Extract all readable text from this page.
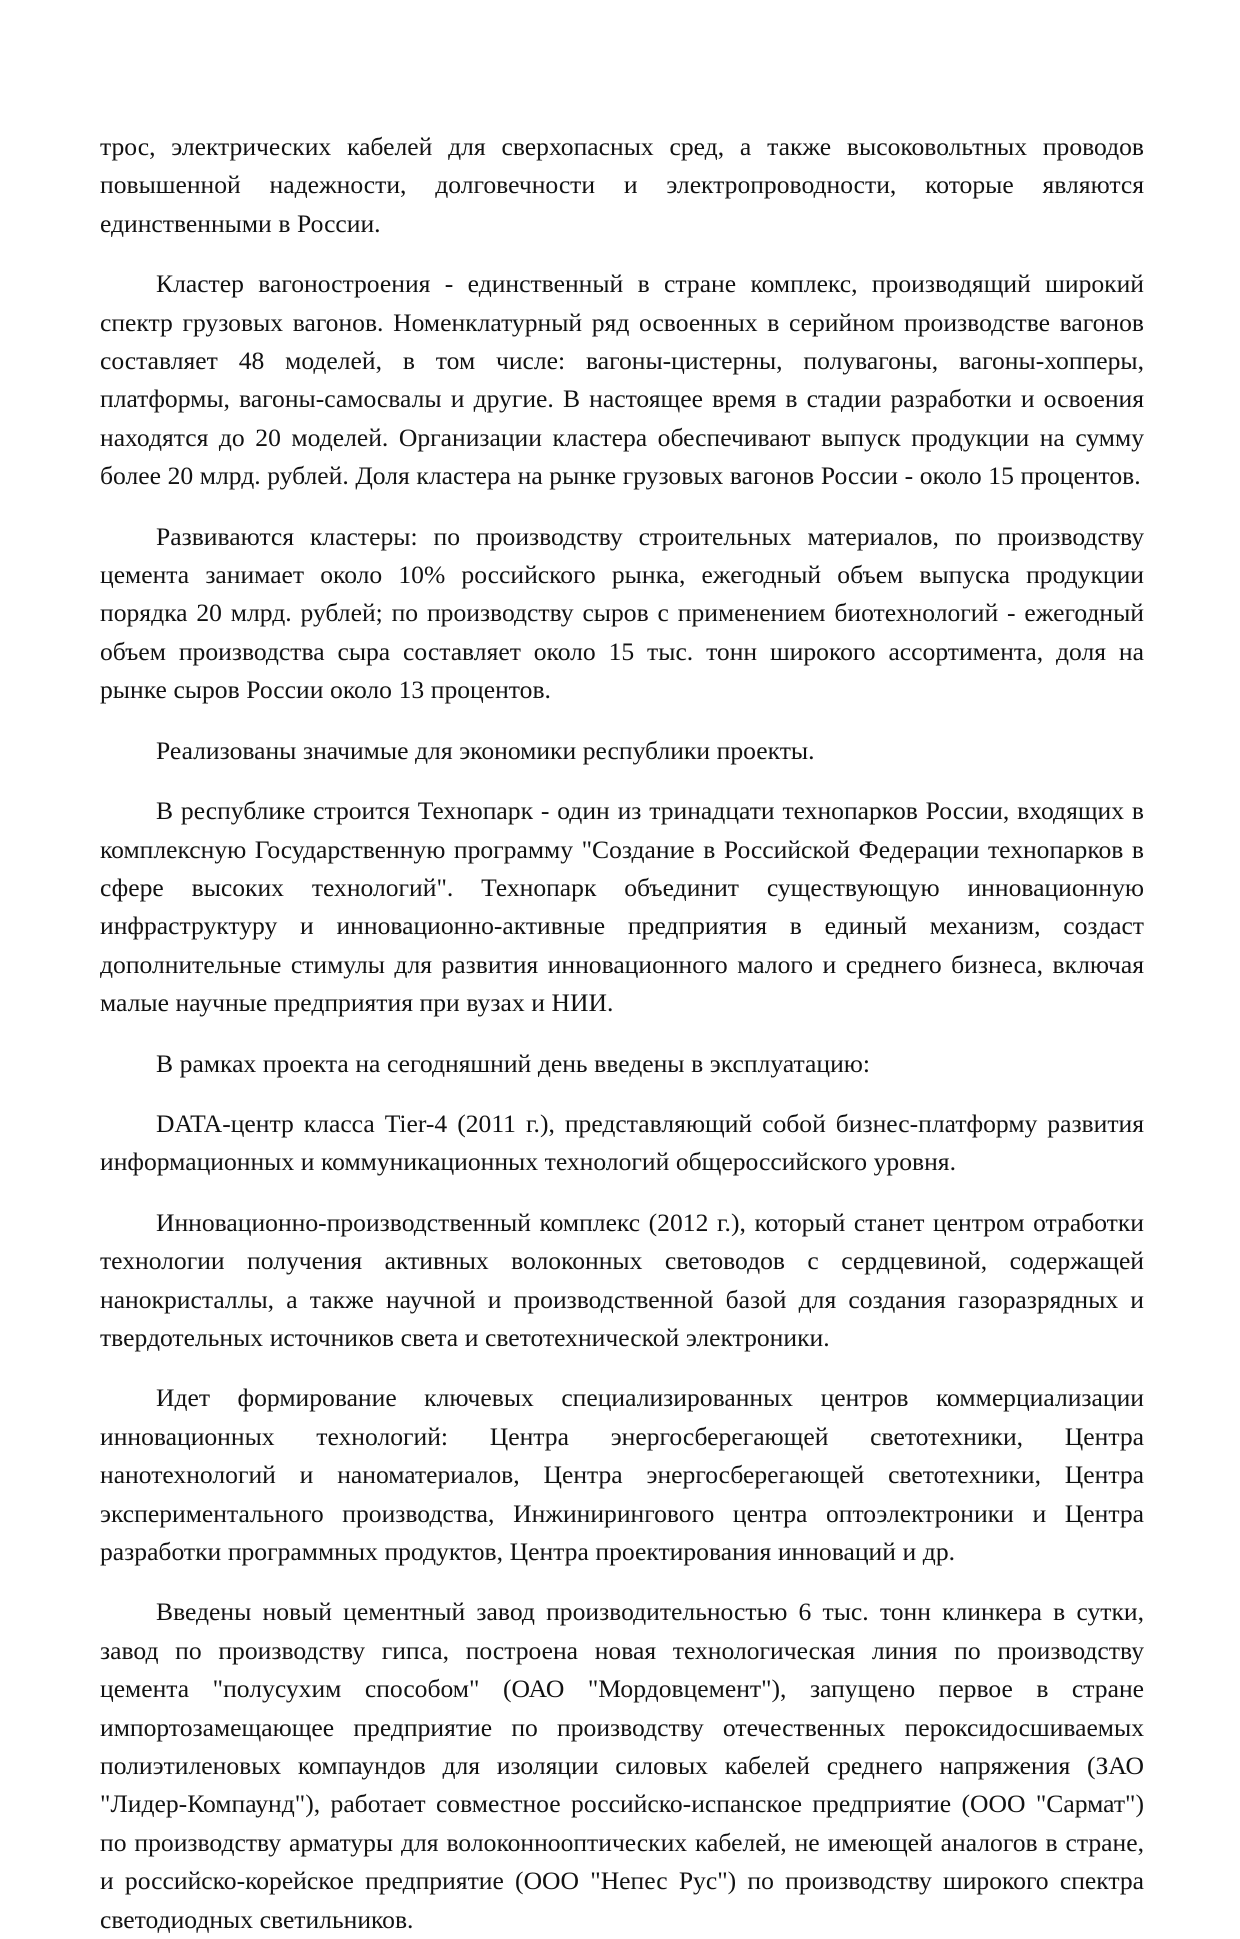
трос, электрических кабелей для сверхопасных сред, а также высоковольтных проводов повышенной надежности, долговечности и электропроводности, которые являются единственными в России.

Кластер вагоностроения - единственный в стране комплекс, производящий широкий спектр грузовых вагонов. Номенклатурный ряд освоенных в серийном производстве вагонов составляет 48 моделей, в том числе: вагоны-цистерны, полувагоны, вагоны-хопперы, платформы, вагоны-самосвалы и другие. В настоящее время в стадии разработки и освоения находятся до 20 моделей. Организации кластера обеспечивают выпуск продукции на сумму более 20 млрд. рублей. Доля кластера на рынке грузовых вагонов России - около 15 процентов.

Развиваются кластеры: по производству строительных материалов, по производству цемента занимает около 10% российского рынка, ежегодный объем выпуска продукции порядка 20 млрд. рублей; по производству сыров с применением биотехнологий - ежегодный объем производства сыра составляет около 15 тыс. тонн широкого ассортимента, доля на рынке сыров России около 13 процентов.

Реализованы значимые для экономики республики проекты.

В республике строится Технопарк - один из тринадцати технопарков России, входящих в комплексную Государственную программу "Создание в Российской Федерации технопарков в сфере высоких технологий". Технопарк объединит существующую инновационную инфраструктуру и инновационно-активные предприятия в единый механизм, создаст дополнительные стимулы для развития инновационного малого и среднего бизнеса, включая малые научные предприятия при вузах и НИИ.

В рамках проекта на сегодняшний день введены в эксплуатацию:

DATA-центр класса Tier-4 (2011 г.), представляющий собой бизнес-платформу развития информационных и коммуникационных технологий общероссийского уровня.

Инновационно-производственный комплекс (2012 г.), который станет центром отработки технологии получения активных волоконных световодов с сердцевиной, содержащей нанокристаллы, а также научной и производственной базой для создания газоразрядных и твердотельных источников света и светотехнической электроники.

Идет формирование ключевых специализированных центров коммерциализации инновационных технологий: Центра энергосберегающей светотехники, Центра нанотехнологий и наноматериалов, Центра энергосберегающей светотехники, Центра экспериментального производства, Инжинирингового центра оптоэлектроники и Центра разработки программных продуктов, Центра проектирования инноваций и др.

Введены новый цементный завод производительностью 6 тыс. тонн клинкера в сутки, завод по производству гипса, построена новая технологическая линия по производству цемента "полусухим способом" (ОАО "Мордовцемент"), запущено первое в стране импортозамещающее предприятие по производству отечественных пероксидосшиваемых полиэтиленовых компаундов для изоляции силовых кабелей среднего напряжения (ЗАО "Лидер-Компаунд"), работает совместное российско-испанское предприятие (ООО "Сармат") по производству арматуры для волоконнооптических кабелей, не имеющей аналогов в стране, и российско-корейское предприятие (ООО "Непес Рус") по производству широкого спектра светодиодных светильников.
